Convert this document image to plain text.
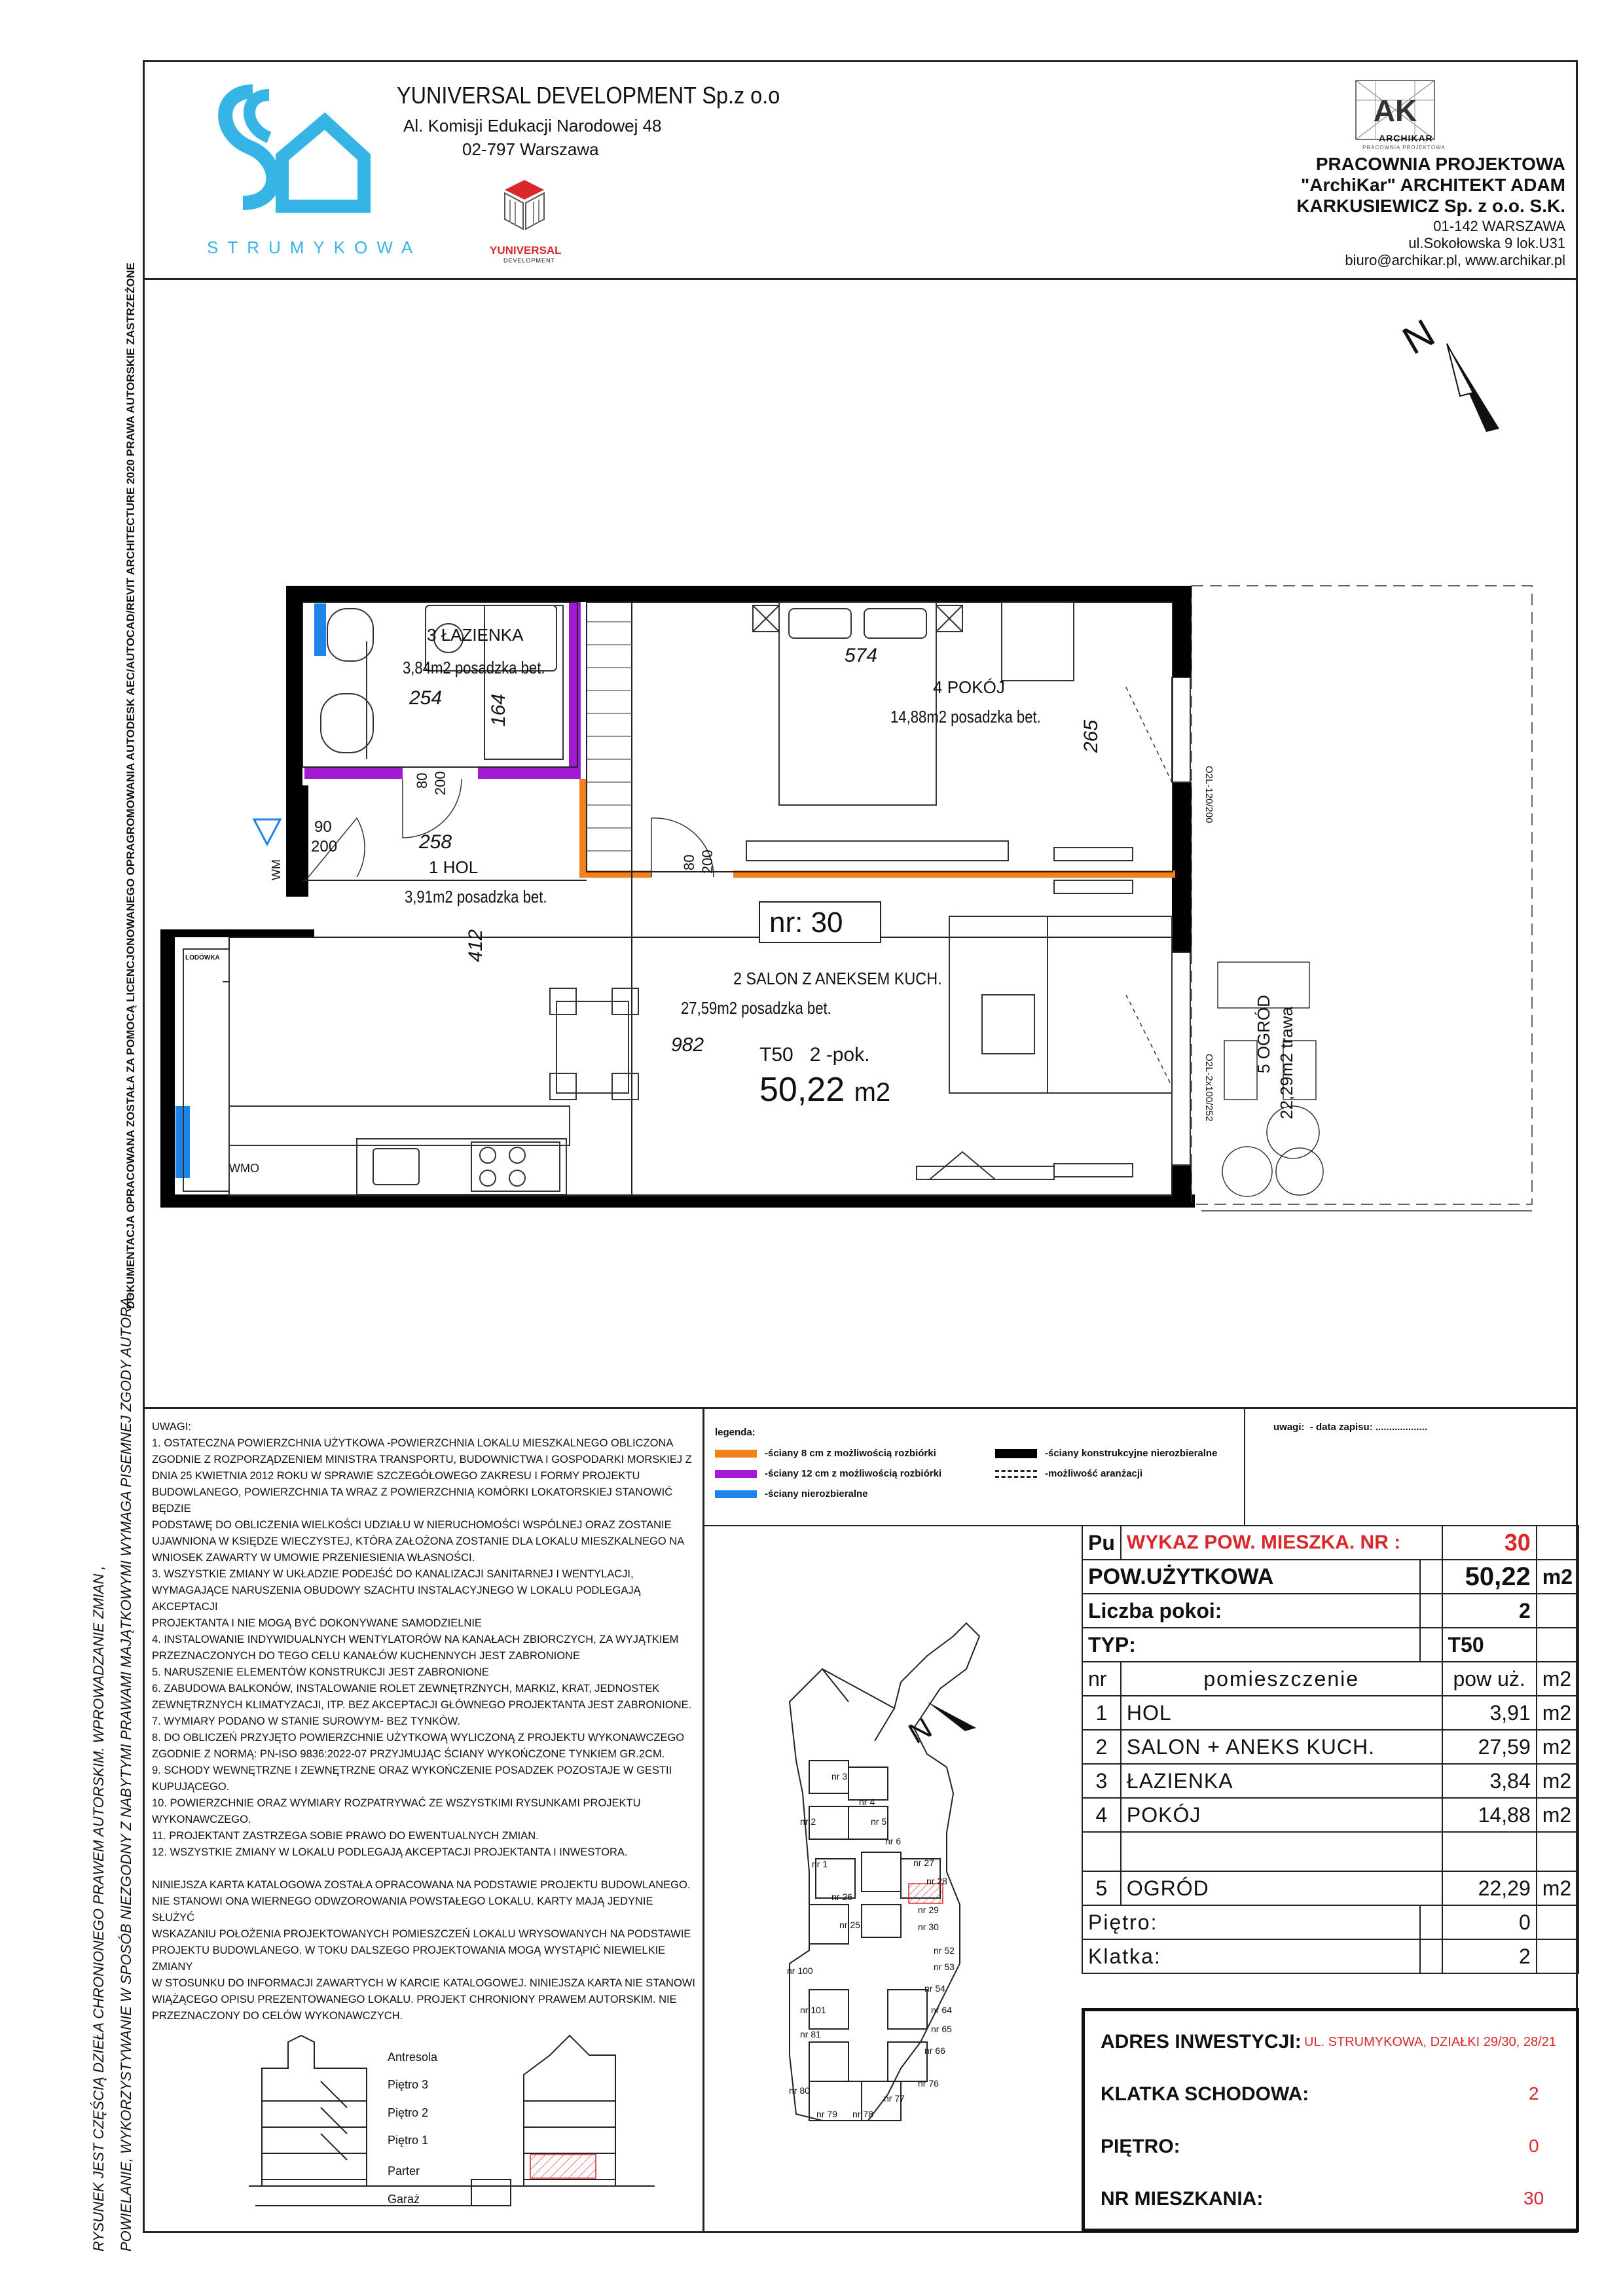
DOKUMENTACJA OPRACOWANA ZOSTAŁA ZA POMOCĄ LICENCJONOWANEGO OPRAGROMOWANIA AUTODESK AEC/AUTOCAD/REVIT ARCHITECTURE 2020 PRAWA AUTORSKIE ZASTRZEŻONE
RYSUNEK JEST CZĘŚCIĄ DZIEŁA CHRONIONEGO PRAWEM AUTORSKIM. WPROWADZANIE ZMIAN , POWIELANIE, WYKORZYSTYWANIE W SPOSÓB NIEZGODNY Z NABYTYMI PRAWAMI MAJĄTKOWYMI WYMAGA PISEMNEJ ZGODY AUTORA.
STRUMYKOWA
YUNIVERSAL DEVELOPMENT Sp.z o.o
Al. Komisji Edukacji Narodowej 48
02-797 Warszawa
YUNIVERSAL
DEVELOPMENT
AK
ARCHIKAR
PRACOWNIA PROJEKTOWA
PRACOWNIA PROJEKTOWA
"ArchiKar" ARCHITEKT ADAM
KARKUSIEWICZ Sp. z o.o. S.K.
01-142 WARSZAWA
ul.Sokołowska 9 lok.U31
biuro@archikar.pl, www.archikar.pl
N
3 ŁAZIENKA
3,84m2 posadzka bet.
4 POKÓJ
14,88m2 posadzka bet.
1 HOL
3,91m2 posadzka bet.
2 SALON Z ANEKSEM KUCH.
27,59m2 posadzka bet.
5 OGRÓD
22,29m2 trawa
nr: 30
T50 2 -pok.
50,22 m2
254 164
574
265
258
412
982
90
200
80 200
80 200
WM
WMO
LODÓWKA
O2L-120/200
O2L-2x100/252

UWAGI:

1. OSTATECZNA POWIERZCHNIA UŻYTKOWA -POWIERZCHNIA LOKALU MIESZKALNEGO OBLICZONA

ZGODNIE Z ROZPORZĄDZENIEM MINISTRA TRANSPORTU, BUDOWNICTWA I GOSPODARKI MORSKIEJ Z

DNIA 25 KWIETNIA 2012 ROKU W SPRAWIE SZCZEGÓŁOWEGO ZAKRESU I FORMY PROJEKTU

BUDOWLANEGO, POWIERZCHNIA TA WRAZ Z POWIERZCHNIĄ KOMÓRKI LOKATORSKIEJ STANOWIĆ BĘDZIE

PODSTAWĘ DO OBLICZENIA WIELKOŚCI UDZIAŁU W NIERUCHOMOŚCI WSPÓLNEJ ORAZ ZOSTANIE

UJAWNIONA W KSIĘDZE WIECZYSTEJ, KTÓRA ZAŁOŻONA ZOSTANIE DLA LOKALU MIESZKALNEGO NA

WNIOSEK ZAWARTY W UMOWIE PRZENIESIENIA WŁASNOŚCI.

3. WSZYSTKIE ZMIANY W UKŁADZIE PODEJŚĆ DO KANALIZACJI SANITARNEJ I WENTYLACJI,

WYMAGAJĄCE NARUSZENIA OBUDOWY SZACHTU INSTALACYJNEGO W LOKALU PODLEGAJĄ AKCEPTACJI

PROJEKTANTA I NIE MOGĄ BYĆ DOKONYWANE SAMODZIELNIE

4. INSTALOWANIE INDYWIDUALNYCH WENTYLATORÓW NA KANAŁACH ZBIORCZYCH, ZA WYJĄTKIEM

PRZEZNACZONYCH DO TEGO CELU KANAŁÓW KUCHENNYCH JEST ZABRONIONE

5. NARUSZENIE ELEMENTÓW KONSTRUKCJI JEST ZABRONIONE

6. ZABUDOWA BALKONÓW, INSTALOWANIE ROLET ZEWNĘTRZNYCH, MARKIZ, KRAT, JEDNOSTEK

ZEWNĘTRZNYCH KLIMATYZACJI, ITP. BEZ AKCEPTACJI GŁÓWNEGO PROJEKTANTA JEST ZABRONIONE.

7. WYMIARY PODANO W STANIE SUROWYM- BEZ TYNKÓW.

8. DO OBLICZEŃ PRZYJĘTO POWIERZCHNIE UŻYTKOWĄ WYLICZONĄ Z PROJEKTU WYKONAWCZEGO

ZGODNIE Z NORMĄ: PN-ISO 9836:2022-07 PRZYJMUJĄC ŚCIANY WYKOŃCZONE TYNKIEM GR.2CM.

9. SCHODY WEWNĘTRZNE I ZEWNĘTRZNE ORAZ WYKOŃCZENIE POSADZEK POZOSTAJE W GESTII

KUPUJĄCEGO.

10. POWIERZCHNIE ORAZ WYMIARY ROZPATRYWAĆ ZE WSZYSTKIMI RYSUNKAMI PROJEKTU

WYKONAWCZEGO.

11. PROJEKTANT ZASTRZEGA SOBIE PRAWO DO EWENTUALNYCH ZMIAN.

12. WSZYSTKIE ZMIANY W LOKALU PODLEGAJĄ AKCEPTACJI PROJEKTANTA I INWESTORA.

NINIEJSZA KARTA KATALOGOWA ZOSTAŁA OPRACOWANA NA PODSTAWIE PROJEKTU BUDOWLANEGO.

NIE STANOWI ONA WIERNEGO ODWZOROWANIA POWSTAŁEGO LOKALU. KARTY MAJĄ JEDYNIE SŁUŻYĆ

WSKAZANIU POŁOŻENIA PROJEKTOWANYCH POMIESZCZEŃ LOKALU WRYSOWANYCH NA PODSTAWIE

PROJEKTU BUDOWLANEGO. W TOKU DALSZEGO PROJEKTOWANIA MOGĄ WYSTĄPIĆ NIEWIELKIE ZMIANY

W STOSUNKU DO INFORMACJI ZAWARTYCH W KARCIE KATALOGOWEJ. NINIEJSZA KARTA NIE STANOWI

WIĄŻĄCEGO OPISU PREZENTOWANEGO LOKALU. PROJEKT CHRONIONY PRAWEM AUTORSKIM. NIE

PRZEZNACZONY DO CELÓW WYKONAWCZYCH.

Antresola
Piętro 3
Piętro 2
Piętro 1
Parter
Garaż
legenda:
-ściany 8 cm z możliwością rozbiórki
-ściany 12 cm z możliwością rozbiórki
-ściany nierozbieralne
-ściany konstrukcyjne nierozbieralne
-możliwość aranżacji
uwagi: - data zapisu: ...................
N
nr 3
nr 4
nr 2	nr 5
nr 6
nr 1	nr 27
nr 28
nr 26
nr 29
nr 25	nr 30
nr 52
nr 53
nr 54
nr 100
nr 101	nr 64
nr 65
nr 81
nr 66
nr 80
nr 76
nr 77
nr 79 nr 78
Pu	WYKAZ POW. MIESZKA. NR :		30	
POW.UŻYTKOWA			50,22	m2
Liczba pokoi:			2	
TYP:			T50	
nr	pomieszczenie		pow uż.	m2
1	HOL		3,91	m2
2	SALON + ANEKS KUCH.		27,59	m2
3	ŁAZIENKA		3,84	m2
4	POKÓJ		14,88	m2

5	OGRÓD		22,29	m2
Piętro:			0	
Klatka:			2	
ADRES INWESTYCJI: UL. STRUMYKOWA, DZIAŁKI 29/30, 28/21
KLATKA SCHODOWA:	2
PIĘTRO:	0
NR MIESZKANIA:	30
